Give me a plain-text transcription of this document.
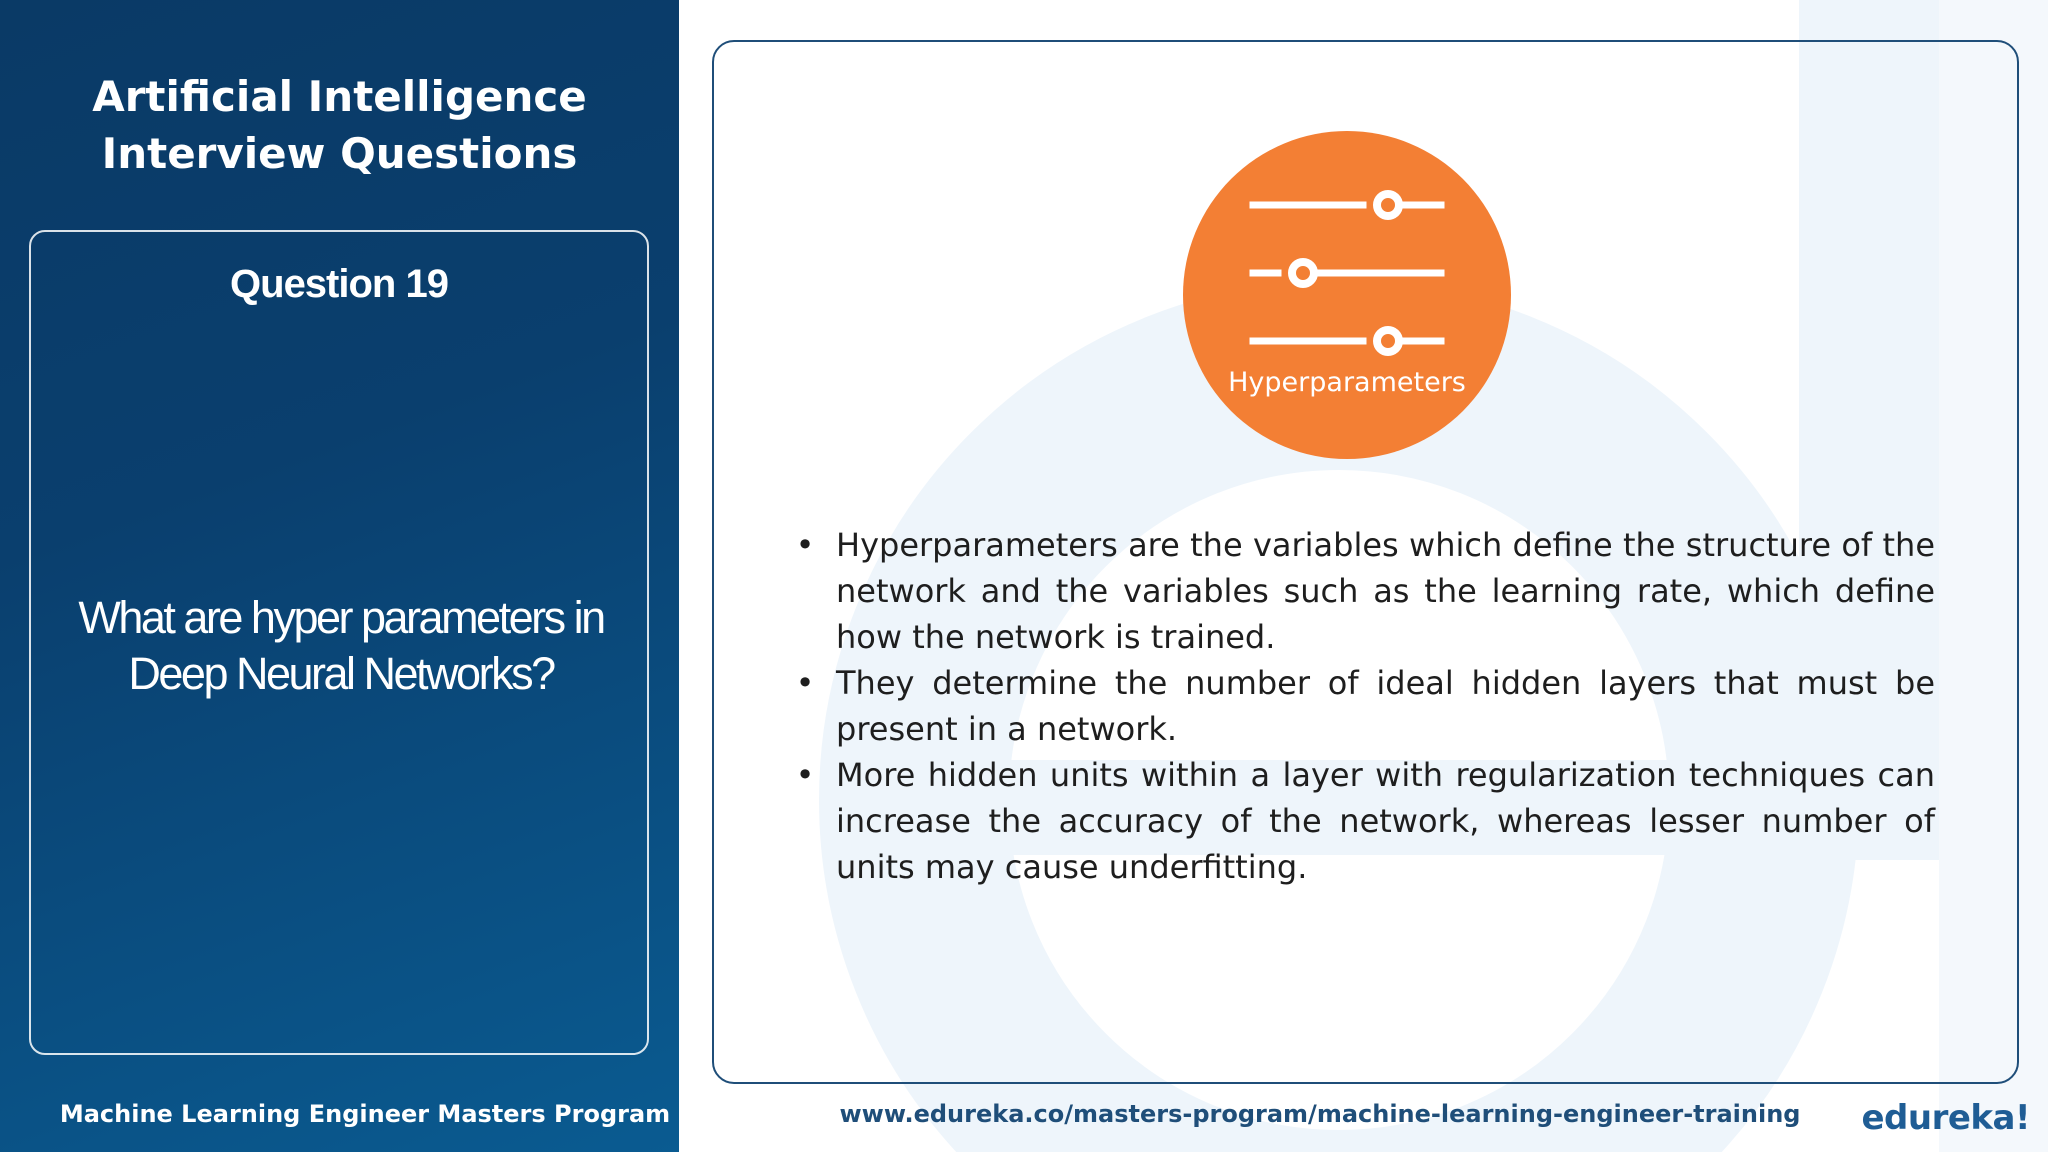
Artificial Intelligence
Interview Questions
Question 19
What are hyper parameters in Deep Neural Networks?
Machine Learning Engineer Masters Program
Hyperparameters
• Hyperparameters are the variables which define the structure of the network and the variables such as the learning rate, which define how the network is trained.
• They determine the number of ideal hidden layers that must be present in a network.
• More hidden units within a layer with regularization techniques can increase the accuracy of the network, whereas lesser number of units may cause underfitting.
www.edureka.co/masters-program/machine-learning-engineer-training edureka!
